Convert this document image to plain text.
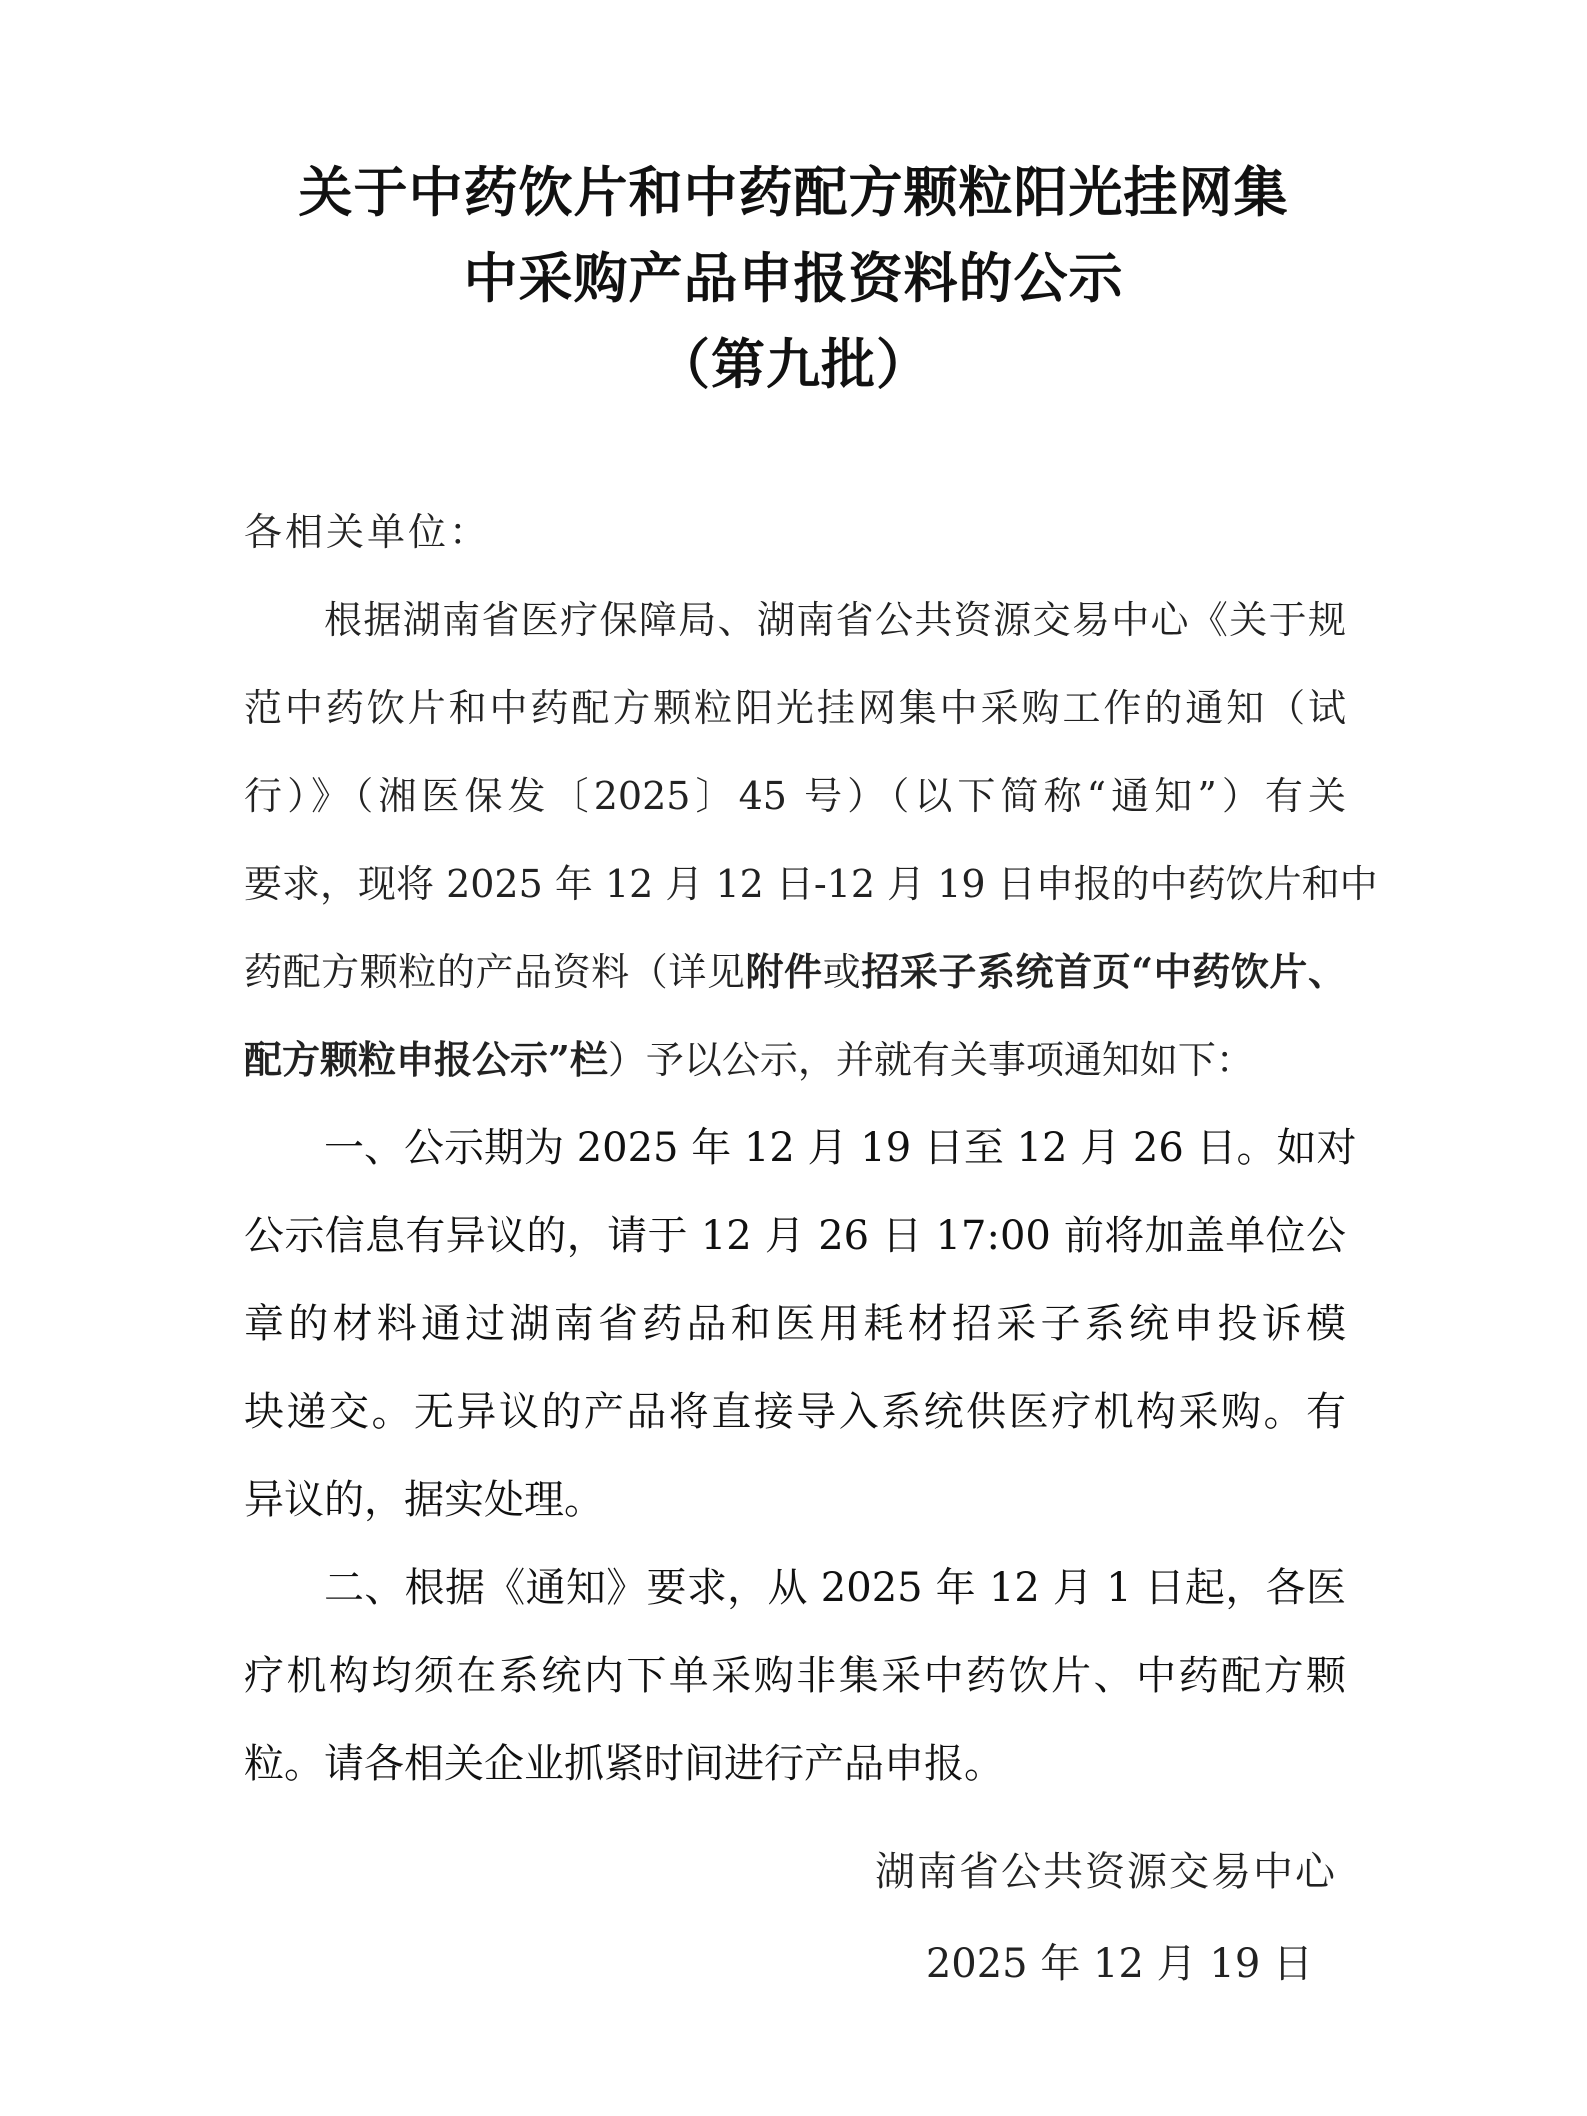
关于中药饮片和中药配方颗粒阳光挂网集
中采购产品申报资料的公示
（第九批）
各相关单位：
根据湖南省医疗保障局、湖南省公共资源交易中心《关于规
范中药饮片和中药配方颗粒阳光挂网集中采购工作的通知（试
行）》（湘医保发〔2025〕45 号）（以下简称“通知”）有关
要求，现将 2025 年 12 月 12 日-12 月 19 日申报的中药饮片和中
药配方颗粒的产品资料（详见附件或招采子系统首页“中药饮片、
配方颗粒申报公示”栏）予以公示，并就有关事项通知如下：
一、公示期为 2025 年 12 月 19 日至 12 月 26 日。如对
公示信息有异议的，请于 12 月 26 日 17:00 前将加盖单位公
章的材料通过湖南省药品和医用耗材招采子系统申投诉模
块递交。无异议的产品将直接导入系统供医疗机构采购。有
异议的，据实处理。
二、根据《通知》要求，从 2025 年 12 月 1 日起，各医
疗机构均须在系统内下单采购非集采中药饮片、中药配方颗
粒。请各相关企业抓紧时间进行产品申报。
湖南省公共资源交易中心
2025 年 12 月 19 日
